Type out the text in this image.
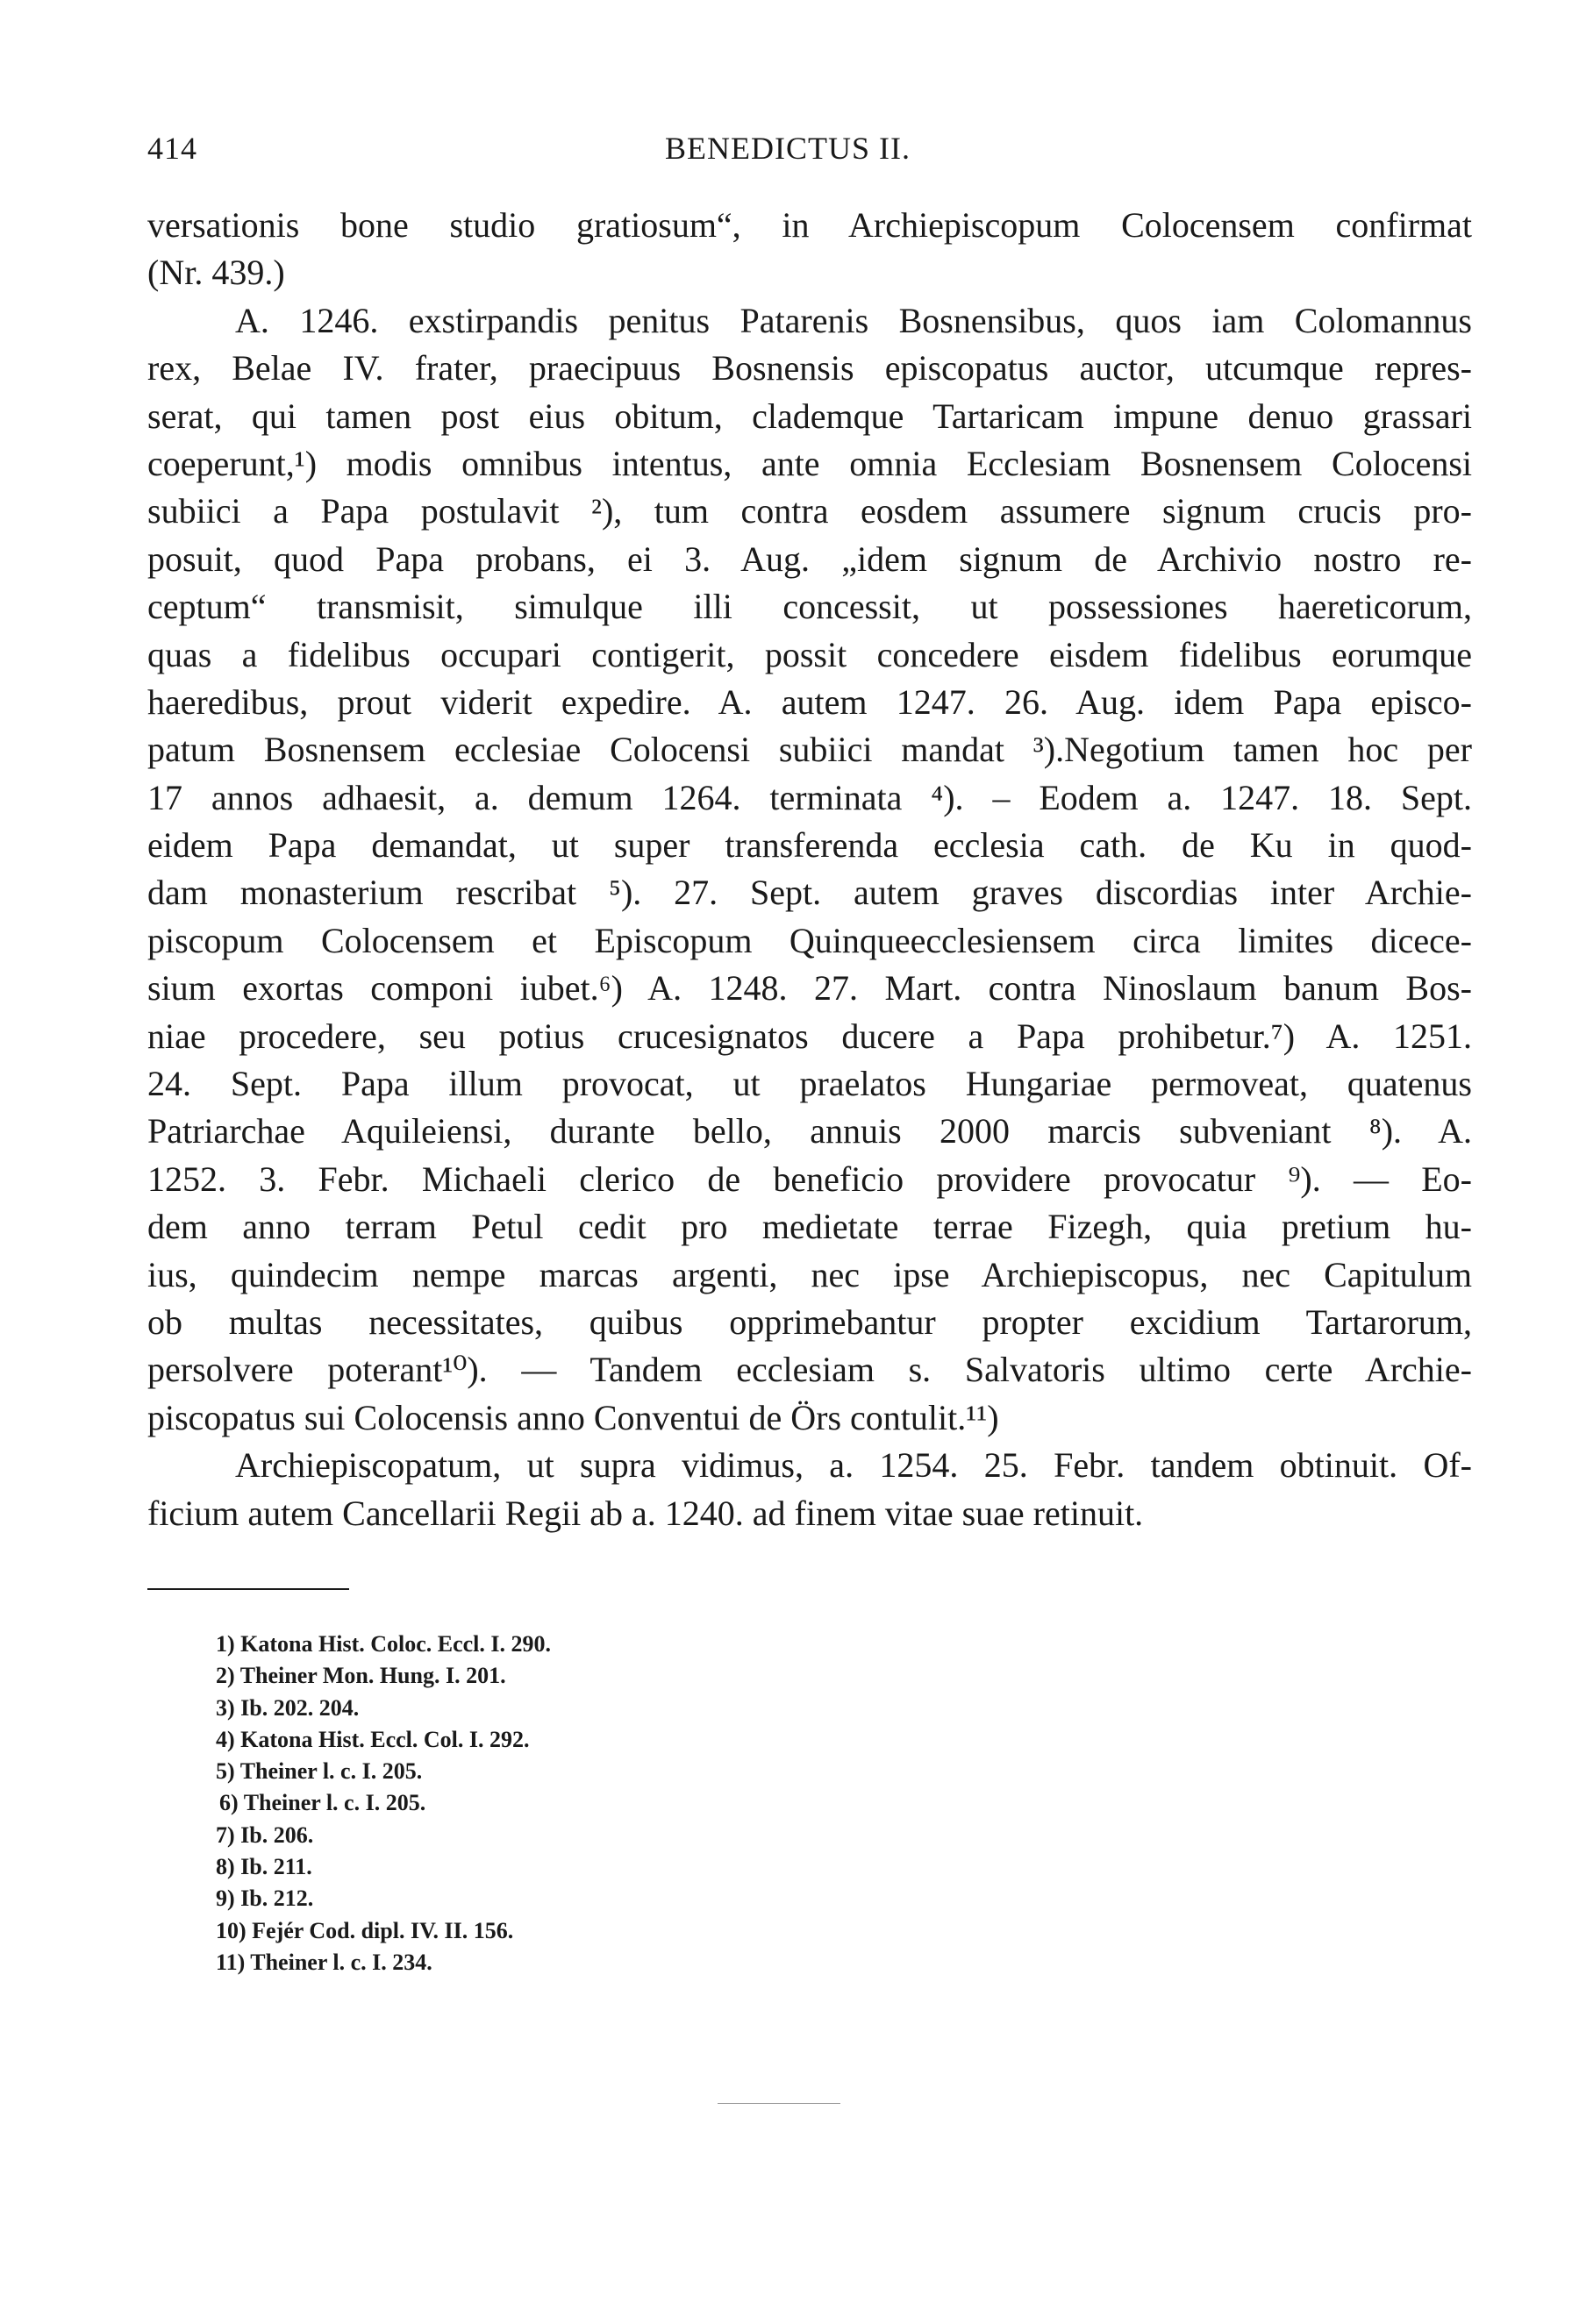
414	BENEDICTUS II.
versationis bone studio gratiosum“, in Archiepiscopum Colocensem confirmat
(Nr. 439.)
A. 1246. exstirpandis penitus Patarenis Bosnensibus, quos iam Colomannus
rex, Belae IV. frater, praecipuus Bosnensis episcopatus auctor, utcumque repres-
serat, qui tamen post eius obitum, clademque Tartaricam impune denuo grassari
coeperunt,¹) modis omnibus intentus, ante omnia Ecclesiam Bosnensem Colocensi
subiici a Papa postulavit ²), tum contra eosdem assumere signum crucis pro-
posuit, quod Papa probans, ei 3. Aug. „idem signum de Archivio nostro re-
ceptum“ transmisit, simulque illi concessit, ut possessiones haereticorum,
quas a fidelibus occupari contigerit, possit concedere eisdem fidelibus eorumque
haeredibus, prout viderit expedire. A. autem 1247. 26. Aug. idem Papa episco-
patum Bosnensem ecclesiae Colocensi subiici mandat ³).Negotium tamen hoc per
17 annos adhaesit, a. demum 1264. terminata ⁴). – Eodem a. 1247. 18. Sept.
eidem Papa demandat, ut super transferenda ecclesia cath. de Ku in quod-
dam monasterium rescribat ⁵). 27. Sept. autem graves discordias inter Archie-
piscopum Colocensem et Episcopum Quinqueecclesiensem circa limites dicece-
sium exortas componi iubet.⁶) A. 1248. 27. Mart. contra Ninoslaum banum Bos-
niae procedere, seu potius crucesignatos ducere a Papa prohibetur.⁷) A. 1251.
24. Sept. Papa illum provocat, ut praelatos Hungariae permoveat, quatenus
Patriarchae Aquileiensi, durante bello, annuis 2000 marcis subveniant ⁸). A.
1252. 3. Febr. Michaeli clerico de beneficio providere provocatur ⁹). — Eo-
dem anno terram Petul cedit pro medietate terrae Fizegh, quia pretium hu-
ius, quindecim nempe marcas argenti, nec ipse Archiepiscopus, nec Capitulum
ob multas necessitates, quibus opprimebantur propter excidium Tartarorum,
persolvere poterant¹⁰). — Tandem ecclesiam s. Salvatoris ultimo certe Archie-
piscopatus sui Colocensis anno Conventui de Örs contulit.¹¹)
Archiepiscopatum, ut supra vidimus, a. 1254. 25. Febr. tandem obtinuit. Of-
ficium autem Cancellarii Regii ab a. 1240. ad finem vitae suae retinuit.
1) Katona Hist. Coloc. Eccl. I. 290.
2) Theiner Mon. Hung. I. 201.
3) Ib. 202. 204.
4) Katona Hist. Eccl. Col. I. 292.
5) Theiner l. c. I. 205.
6) Theiner l. c. I. 205.
7) Ib. 206.
8) Ib. 211.
9) Ib. 212.
10) Fejér Cod. dipl. IV. II. 156.
11) Theiner l. c. I. 234.
